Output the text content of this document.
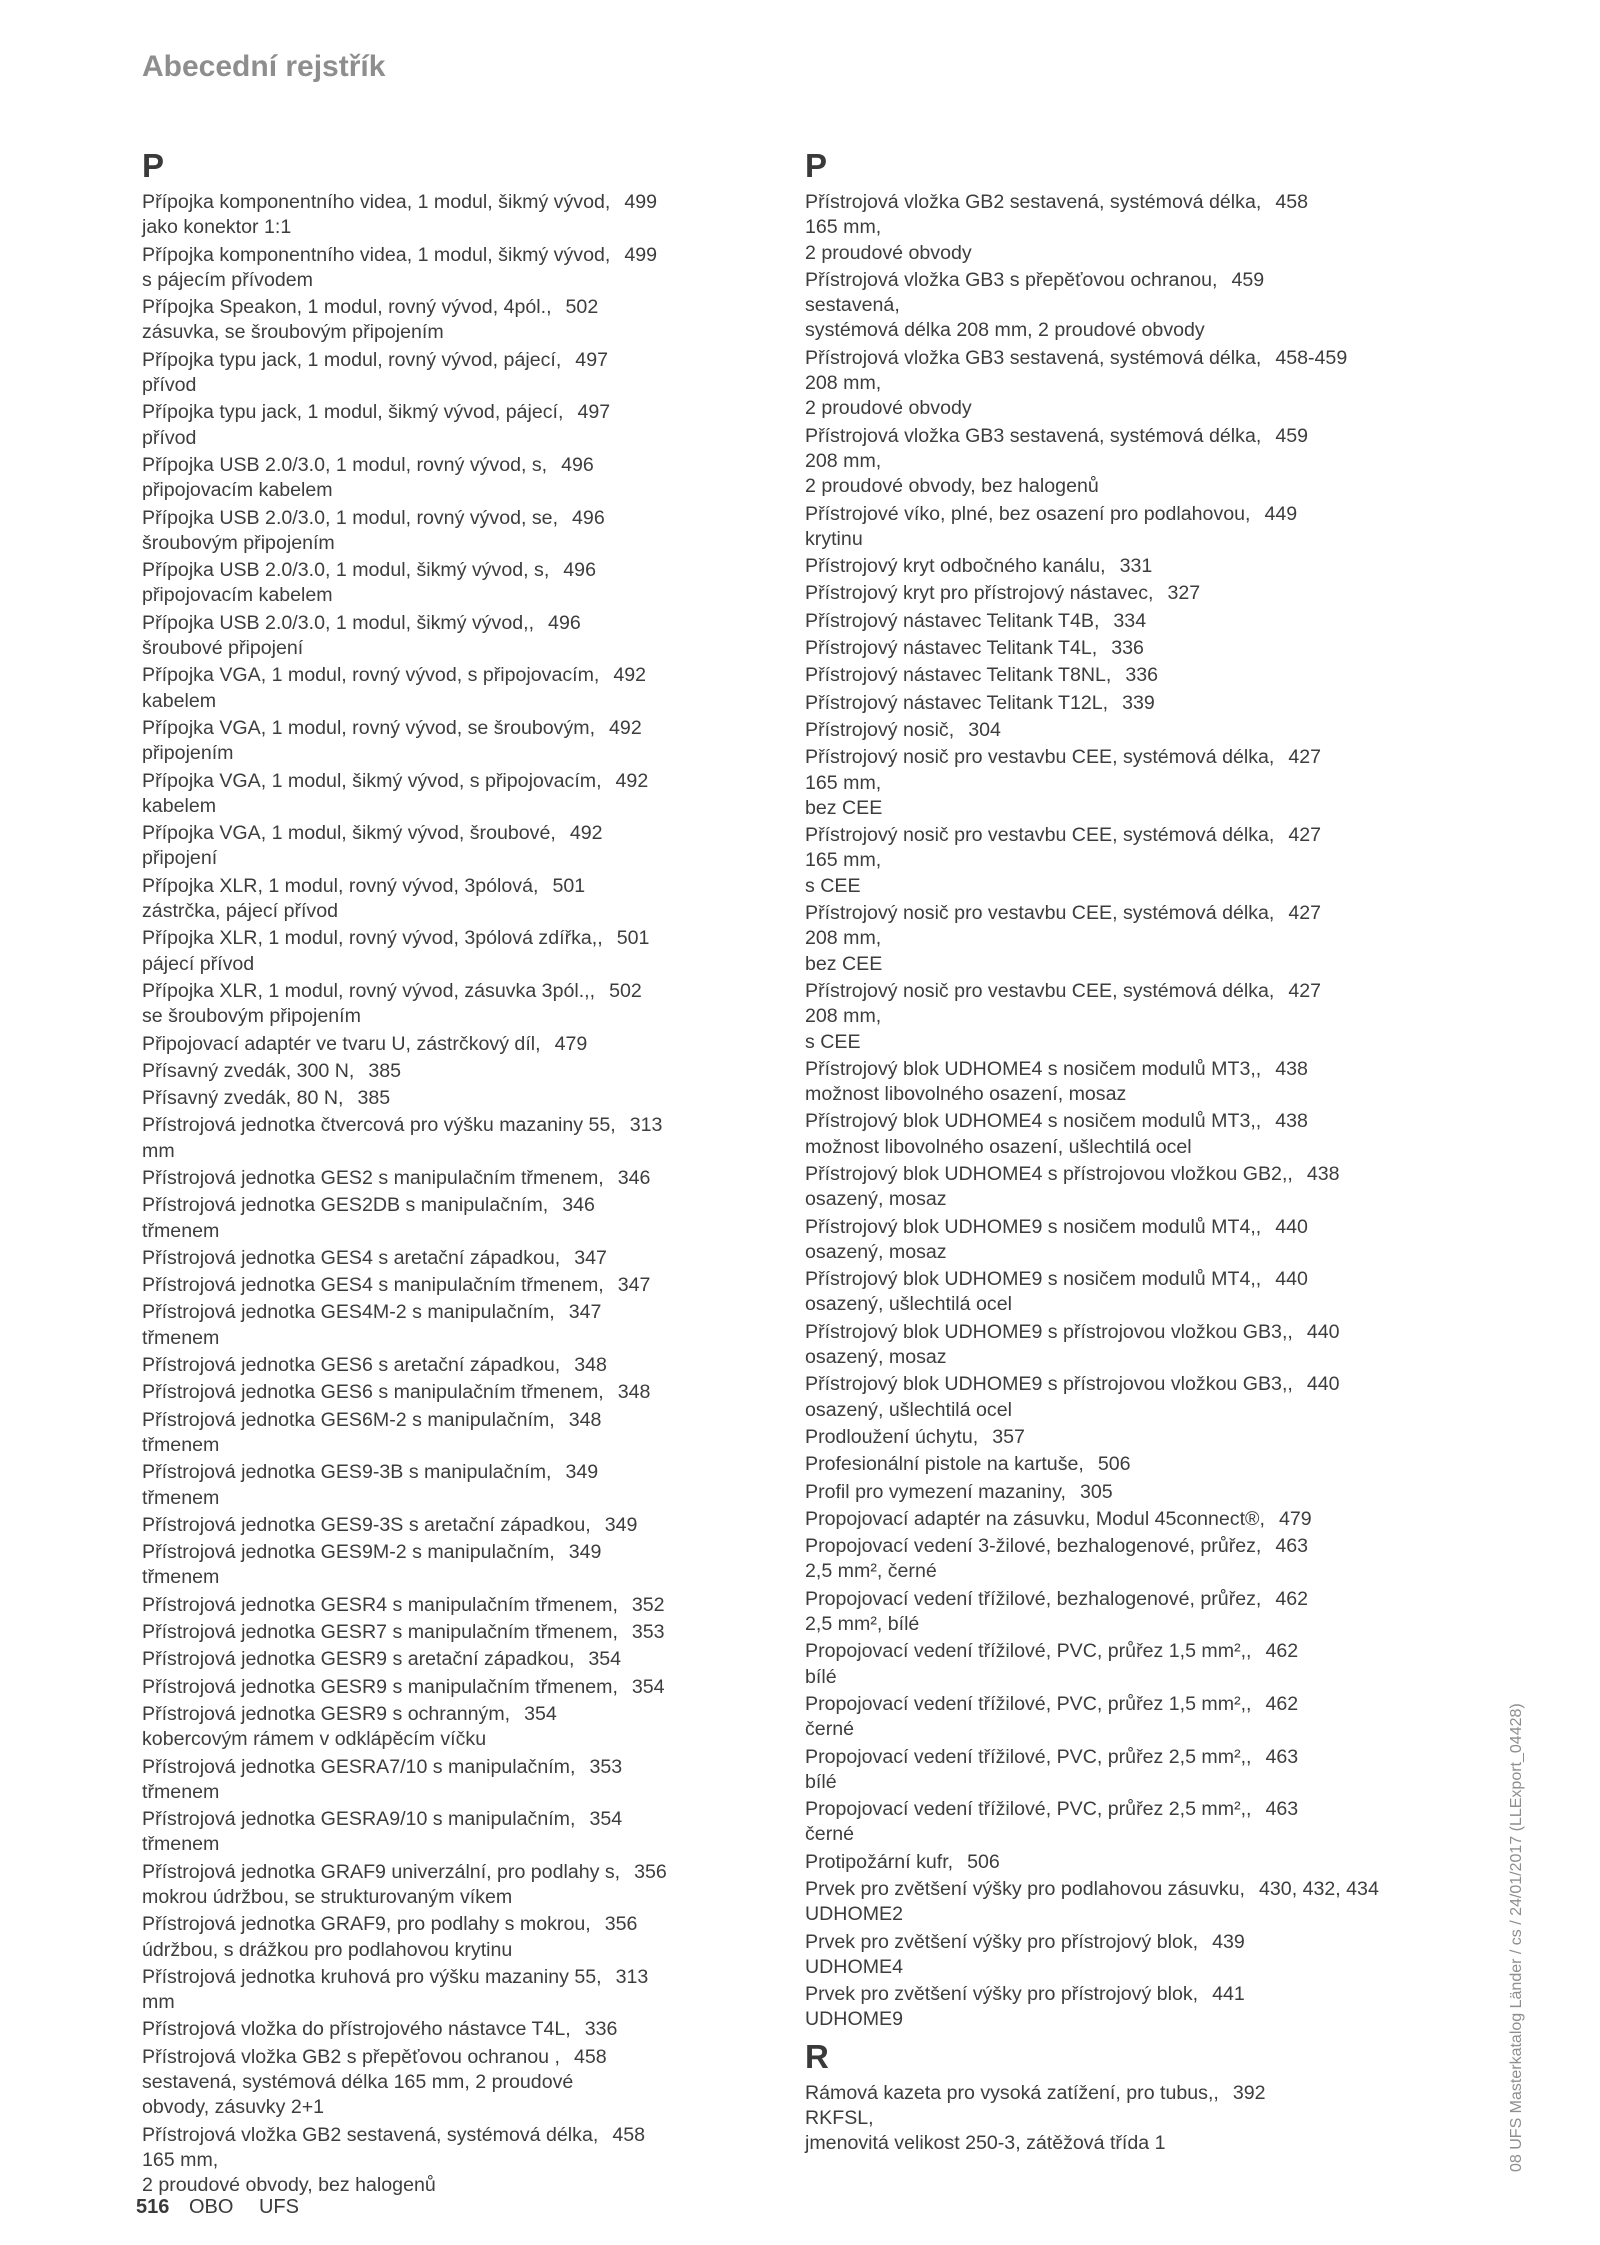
Abecední rejstřík
P
Přípojka komponentního videa, 1 modul, šikmý vývod, 499
jako konektor 1:1
Přípojka komponentního videa, 1 modul, šikmý vývod, 499
s pájecím přívodem
Přípojka Speakon, 1 modul, rovný vývod, 4pól., 502
zásuvka, se šroubovým připojením
Přípojka typu jack, 1 modul, rovný vývod, pájecí, 497
přívod
Přípojka typu jack, 1 modul, šikmý vývod, pájecí, 497
přívod
Přípojka USB 2.0/3.0, 1 modul, rovný vývod, s, 496
připojovacím kabelem
Přípojka USB 2.0/3.0, 1 modul, rovný vývod, se, 496
šroubovým připojením
Přípojka USB 2.0/3.0, 1 modul, šikmý vývod, s, 496
připojovacím kabelem
Přípojka USB 2.0/3.0, 1 modul, šikmý vývod,, 496
šroubové připojení
Přípojka VGA, 1 modul, rovný vývod, s připojovacím, 492
kabelem
Přípojka VGA, 1 modul, rovný vývod, se šroubovým, 492
připojením
Přípojka VGA, 1 modul, šikmý vývod, s připojovacím, 492
kabelem
Přípojka VGA, 1 modul, šikmý vývod, šroubové, 492
připojení
Přípojka XLR, 1 modul, rovný vývod, 3pólová, 501
zástrčka, pájecí přívod
Přípojka XLR, 1 modul, rovný vývod, 3pólová zdířka,, 501
pájecí přívod
Přípojka XLR, 1 modul, rovný vývod, zásuvka 3pól.,, 502
se šroubovým připojením
Připojovací adaptér ve tvaru U, zástrčkový díl, 479
Přísavný zvedák, 300 N, 385
Přísavný zvedák, 80 N, 385
Přístrojová jednotka čtvercová pro výšku mazaniny 55, 313
mm
Přístrojová jednotka GES2 s manipulačním třmenem, 346
Přístrojová jednotka GES2DB s manipulačním, 346
třmenem
Přístrojová jednotka GES4 s aretační západkou, 347
Přístrojová jednotka GES4 s manipulačním třmenem, 347
Přístrojová jednotka GES4M-2 s manipulačním, 347
třmenem
Přístrojová jednotka GES6 s aretační západkou, 348
Přístrojová jednotka GES6 s manipulačním třmenem, 348
Přístrojová jednotka GES6M-2 s manipulačním, 348
třmenem
Přístrojová jednotka GES9-3B s manipulačním, 349
třmenem
Přístrojová jednotka GES9-3S s aretační západkou, 349
Přístrojová jednotka GES9M-2 s manipulačním, 349
třmenem
Přístrojová jednotka GESR4 s manipulačním třmenem, 352
Přístrojová jednotka GESR7 s manipulačním třmenem, 353
Přístrojová jednotka GESR9 s aretační západkou, 354
Přístrojová jednotka GESR9 s manipulačním třmenem, 354
Přístrojová jednotka GESR9 s ochranným, 354
kobercovým rámem v odklápěcím víčku
Přístrojová jednotka GESRA7/10 s manipulačním, 353
třmenem
Přístrojová jednotka GESRA9/10 s manipulačním, 354
třmenem
Přístrojová jednotka GRAF9 univerzální, pro podlahy s, 356
mokrou údržbou, se strukturovaným víkem
Přístrojová jednotka GRAF9, pro podlahy s mokrou, 356
údržbou, s drážkou pro podlahovou krytinu
Přístrojová jednotka kruhová pro výšku mazaniny 55, 313
mm
Přístrojová vložka do přístrojového nástavce T4L, 336
Přístrojová vložka GB2 s přepěťovou ochranou , 458
sestavená, systémová délka 165 mm, 2 proudové
obvody, zásuvky 2+1
Přístrojová vložka GB2 sestavená, systémová délka, 458
165 mm,
2 proudové obvody, bez halogenů
P
Přístrojová vložka GB2 sestavená, systémová délka, 458
165 mm,
2 proudové obvody
Přístrojová vložka GB3 s přepěťovou ochranou, 459
sestavená,
systémová délka 208 mm, 2 proudové obvody
Přístrojová vložka GB3 sestavená, systémová délka, 458-459
208 mm,
2 proudové obvody
Přístrojová vložka GB3 sestavená, systémová délka, 459
208 mm,
2 proudové obvody, bez halogenů
Přístrojové víko, plné, bez osazení pro podlahovou, 449
krytinu
Přístrojový kryt odbočného kanálu, 331
Přístrojový kryt pro přístrojový nástavec, 327
Přístrojový nástavec Telitank T4B, 334
Přístrojový nástavec Telitank T4L, 336
Přístrojový nástavec Telitank T8NL, 336
Přístrojový nástavec Telitank T12L, 339
Přístrojový nosič, 304
Přístrojový nosič pro vestavbu CEE, systémová délka, 427
165 mm,
bez CEE
Přístrojový nosič pro vestavbu CEE, systémová délka, 427
165 mm,
s CEE
Přístrojový nosič pro vestavbu CEE, systémová délka, 427
208 mm,
bez CEE
Přístrojový nosič pro vestavbu CEE, systémová délka, 427
208 mm,
s CEE
Přístrojový blok UDHOME4 s nosičem modulů MT3,, 438
možnost libovolného osazení, mosaz
Přístrojový blok UDHOME4 s nosičem modulů MT3,, 438
možnost libovolného osazení, ušlechtilá ocel
Přístrojový blok UDHOME4 s přístrojovou vložkou GB2,, 438
osazený, mosaz
Přístrojový blok UDHOME9 s nosičem modulů MT4,, 440
osazený, mosaz
Přístrojový blok UDHOME9 s nosičem modulů MT4,, 440
osazený, ušlechtilá ocel
Přístrojový blok UDHOME9 s přístrojovou vložkou GB3,, 440
osazený, mosaz
Přístrojový blok UDHOME9 s přístrojovou vložkou GB3,, 440
osazený, ušlechtilá ocel
Prodloužení úchytu, 357
Profesionální pistole na kartuše, 506
Profil pro vymezení mazaniny, 305
Propojovací adaptér na zásuvku, Modul 45connect®, 479
Propojovací vedení 3-žilové, bezhalogenové, průřez, 463
2,5 mm², černé
Propojovací vedení třížilové, bezhalogenové, průřez, 462
2,5 mm², bílé
Propojovací vedení třížilové, PVC, průřez 1,5 mm²,, 462
bílé
Propojovací vedení třížilové, PVC, průřez 1,5 mm²,, 462
černé
Propojovací vedení třížilové, PVC, průřez 2,5 mm²,, 463
bílé
Propojovací vedení třížilové, PVC, průřez 2,5 mm²,, 463
černé
Protipožární kufr, 506
Prvek pro zvětšení výšky pro podlahovou zásuvku, 430, 432, 434
UDHOME2
Prvek pro zvětšení výšky pro přístrojový blok, 439
UDHOME4
Prvek pro zvětšení výšky pro přístrojový blok, 441
UDHOME9
R
Rámová kazeta pro vysoká zatížení, pro tubus,, 392
RKFSL,
jmenovitá velikost 250-3, zátěžová třída 1	08 UFS Masterkatalog Länder / cs / 24/01/2017 (LLExport_04428)
516 OBO UFS
